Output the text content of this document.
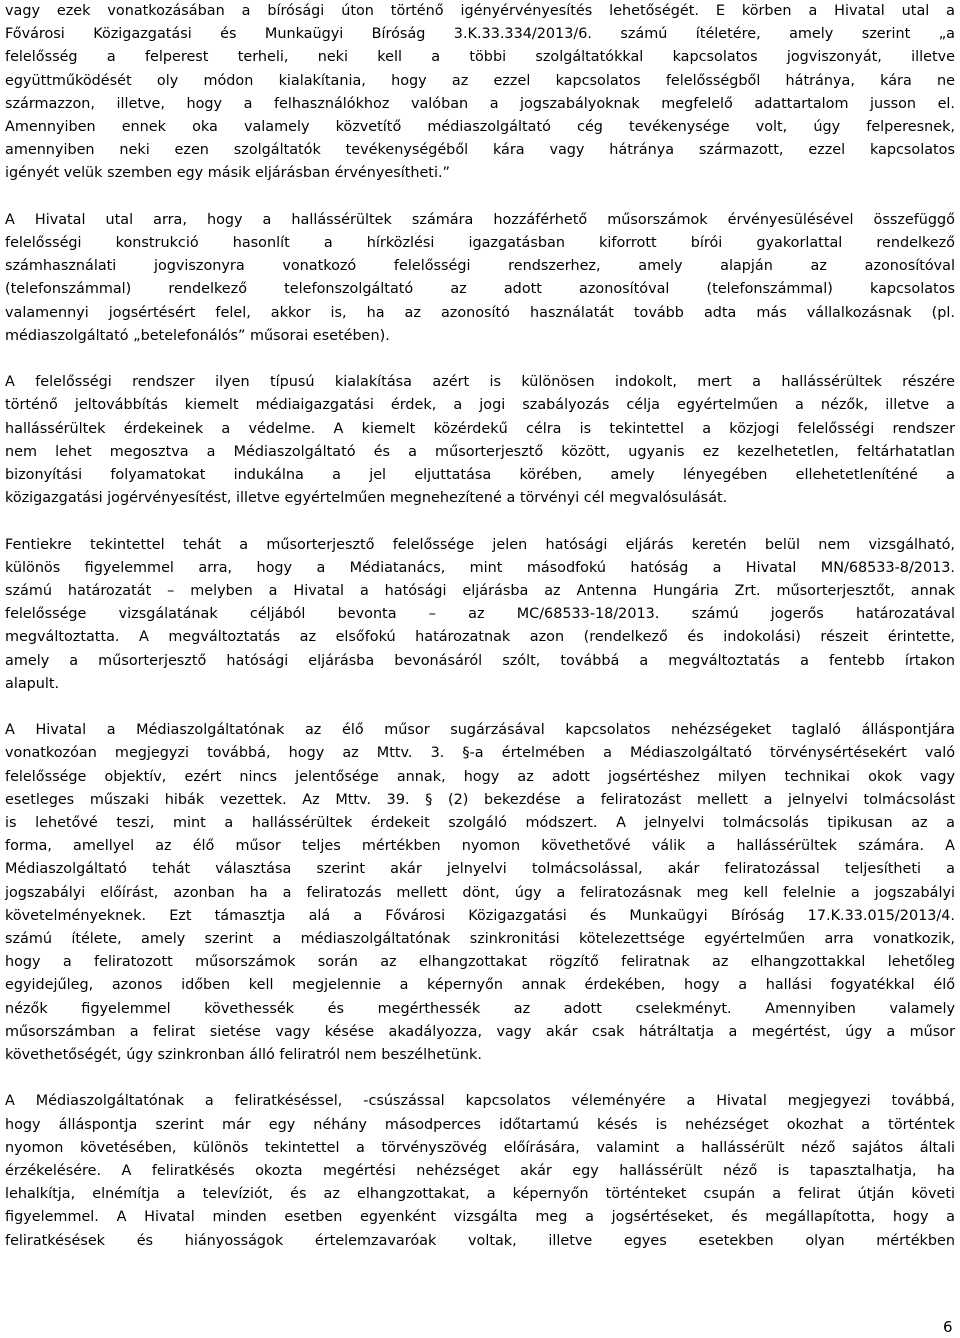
vagy ezek vonatkozásában a bírósági úton történő igényérvényesítés lehetőségét. E körben a Hivatal utal a

Fővárosi Közigazgatási és Munkaügyi Bíróság 3.K.33.334/2013/6. számú ítéletére, amely szerint „a

felelősség a felperest terheli, neki kell a többi szolgáltatókkal kapcsolatos jogviszonyát, illetve

együttműködését oly módon kialakítania, hogy az ezzel kapcsolatos felelősségből hátránya, kára ne

származzon, illetve, hogy a felhasználókhoz valóban a jogszabályoknak megfelelő adattartalom jusson el.

Amennyiben ennek oka valamely közvetítő médiaszolgáltató cég tevékenysége volt, úgy felperesnek,

amennyiben neki ezen szolgáltatók tevékenységéből kára vagy hátránya származott, ezzel kapcsolatos

igényét velük szemben egy másik eljárásban érvényesítheti.”

A Hivatal utal arra, hogy a hallássérültek számára hozzáférhető műsorszámok érvényesülésével összefüggő

felelősségi konstrukció hasonlít a hírközlési igazgatásban kiforrott bírói gyakorlattal rendelkező

számhasználati jogviszonyra vonatkozó felelősségi rendszerhez, amely alapján az azonosítóval

(telefonszámmal) rendelkező telefonszolgáltató az adott azonosítóval (telefonszámmal) kapcsolatos

valamennyi jogsértésért felel, akkor is, ha az azonosító használatát tovább adta más vállalkozásnak (pl.

médiaszolgáltató „betelefonálós” műsorai esetében).

A felelősségi rendszer ilyen típusú kialakítása azért is különösen indokolt, mert a hallássérültek részére

történő jeltovábbítás kiemelt médiaigazgatási érdek, a jogi szabályozás célja egyértelműen a nézők, illetve a

hallássérültek érdekeinek a védelme. A kiemelt közérdekű célra is tekintettel a közjogi felelősségi rendszer

nem lehet megosztva a Médiaszolgáltató és a műsorterjesztő között, ugyanis ez kezelhetetlen, feltárhatatlan

bizonyítási folyamatokat indukálna a jel eljuttatása körében, amely lényegében ellehetetleníténé a

közigazgatási jogérvényesítést, illetve egyértelműen megnehezítené a törvényi cél megvalósulását.

Fentiekre tekintettel tehát a műsorterjesztő felelőssége jelen hatósági eljárás keretén belül nem vizsgálható,

különös figyelemmel arra, hogy a Médiatanács, mint másodfokú hatóság a Hivatal MN/68533-8/2013.

számú határozatát – melyben a Hivatal a hatósági eljárásba az Antenna Hungária Zrt. műsorterjesztőt, annak

felelőssége vizsgálatának céljából bevonta – az MC/68533-18/2013. számú jogerős határozatával

megváltoztatta. A megváltoztatás az elsőfokú határozatnak azon (rendelkező és indokolási) részeit érintette,

amely a műsorterjesztő hatósági eljárásba bevonásáról szólt, továbbá a megváltoztatás a fentebb írtakon

alapult.

A Hivatal a Médiaszolgáltatónak az élő műsor sugárzásával kapcsolatos nehézségeket taglaló álláspontjára

vonatkozóan megjegyzi továbbá, hogy az Mttv. 3. §-a értelmében a Médiaszolgáltató törvénysértésekért való

felelőssége objektív, ezért nincs jelentősége annak, hogy az adott jogsértéshez milyen technikai okok vagy

esetleges műszaki hibák vezettek. Az Mttv. 39. § (2) bekezdése a feliratozást mellett a jelnyelvi tolmácsolást

is lehetővé teszi, mint a hallássérültek érdekeit szolgáló módszert. A jelnyelvi tolmácsolás tipikusan az a

forma, amellyel az élő műsor teljes mértékben nyomon követhetővé válik a hallássérültek számára. A

Médiaszolgáltató tehát választása szerint akár jelnyelvi tolmácsolással, akár feliratozással teljesítheti a

jogszabályi előírást, azonban ha a feliratozás mellett dönt, úgy a feliratozásnak meg kell felelnie a jogszabályi

követelményeknek. Ezt támasztja alá a Fővárosi Közigazgatási és Munkaügyi Bíróság 17.K.33.015/2013/4.

számú ítélete, amely szerint a médiaszolgáltatónak szinkronitási kötelezettsége egyértelműen arra vonatkozik,

hogy a feliratozott műsorszámok során az elhangzottakat rögzítő feliratnak az elhangzottakkal lehetőleg

egyidejűleg, azonos időben kell megjelennie a képernyőn annak érdekében, hogy a hallási fogyatékkal élő

nézők figyelemmel követhessék és megérthessék az adott cselekményt. Amennyiben valamely

műsorszámban a felirat sietése vagy késése akadályozza, vagy akár csak hátráltatja a megértést, úgy a műsor

követhetőségét, úgy szinkronban álló feliratról nem beszélhetünk.

A Médiaszolgáltatónak a feliratkéséssel, -csúszással kapcsolatos véleményére a Hivatal megjegyezi továbbá,

hogy álláspontja szerint már egy néhány másodperces időtartamú késés is nehézséget okozhat a történtek

nyomon követésében, különös tekintettel a törvényszövég előírására, valamint a hallássérült néző sajátos általi

érzékelésére. A feliratkésés okozta megértési nehézséget akár egy hallássérült néző is tapasztalhatja, ha

lehalkítja, elnémítja a televíziót, és az elhangzottakat, a képernyőn történteket csupán a felirat útján követi

figyelemmel. A Hivatal minden esetben egyenként vizsgálta meg a jogsértéseket, és megállapította, hogy a

feliratkésések és hiányosságok értelemzavaróak voltak, illetve egyes esetekben olyan mértékben

6
